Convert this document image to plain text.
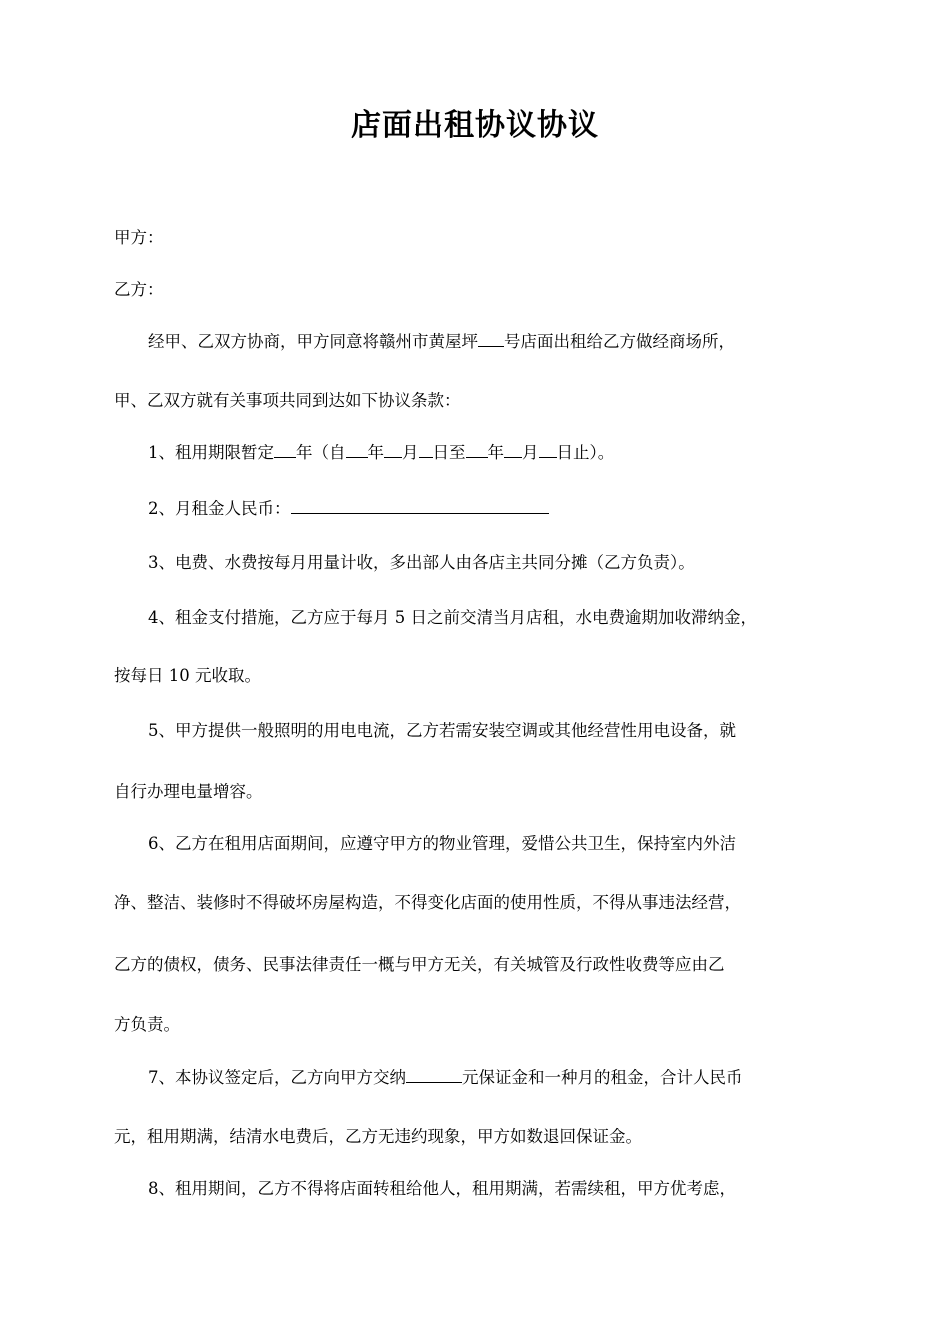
店面出租协议协议
甲方：
乙方：
经甲、乙双方协商，甲方同意将赣州市黄屋坪 号店面出租给乙方做经商场所，
甲、乙双方就有关事项共同到达如下协议条款：
1、租用期限暂定 年（自 年 月 日至 年 月 日止）。
2、月租金人民币：
3、电费、水费按每月用量计收，多出部人由各店主共同分摊（乙方负责）。
4、租金支付措施，乙方应于每月 5 日之前交清当月店租，水电费逾期加收滞纳金，
按每日 10 元收取。
5、甲方提供一般照明的用电电流，乙方若需安装空调或其他经营性用电设备，就
自行办理电量增容。
6、乙方在租用店面期间，应遵守甲方的物业管理，爱惜公共卫生，保持室内外洁
净、整洁、装修时不得破坏房屋构造，不得变化店面的使用性质，不得从事违法经营，
乙方的债权，债务、民事法律责任一概与甲方无关，有关城管及行政性收费等应由乙
方负责。
7、本协议签定后，乙方向甲方交纳	元保证金和一种月的租金，合计人民币
元，租用期满，结清水电费后，乙方无违约现象，甲方如数退回保证金。
8、租用期间，乙方不得将店面转租给他人，租用期满，若需续租，甲方优考虑，
